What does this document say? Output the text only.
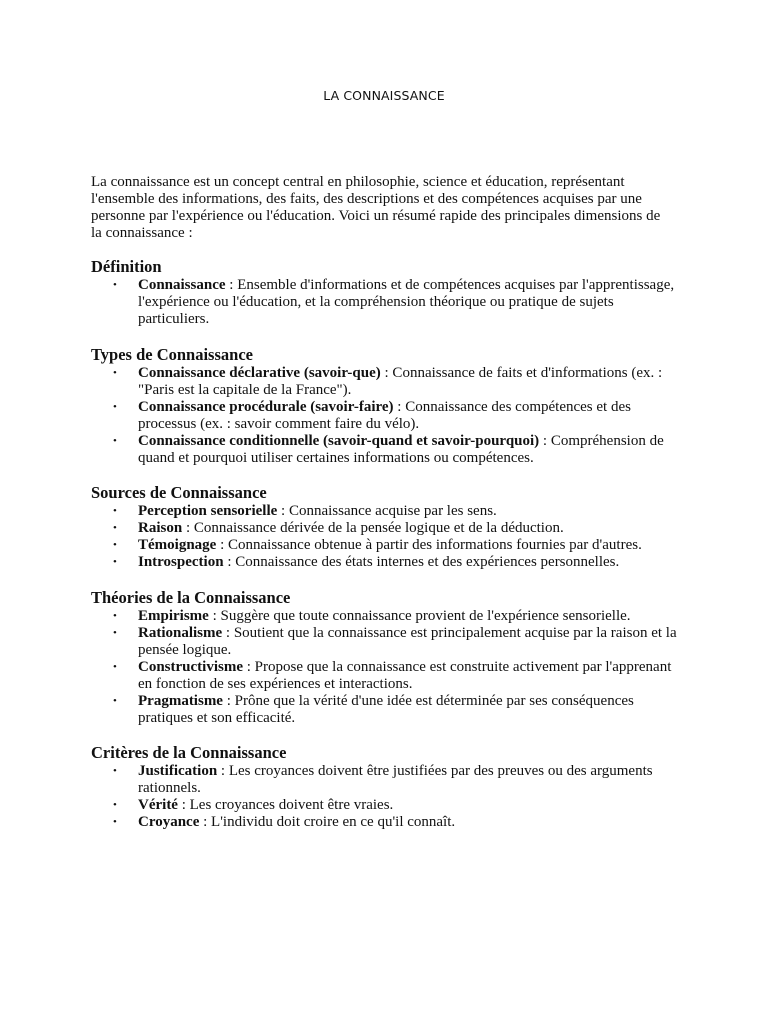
LA CONNAISSANCE

La connaissance est un concept central en philosophie, science et éducation, représentant l'ensemble des informations, des faits, des descriptions et des compétences acquises par une personne par l'expérience ou l'éducation. Voici un résumé rapide des principales dimensions de la connaissance :

Définition
• Connaissance : Ensemble d'informations et de compétences acquises par l'apprentissage, l'expérience ou l'éducation, et la compréhension théorique ou pratique de sujets particuliers.
Types de Connaissance
• Connaissance déclarative (savoir-que) : Connaissance de faits et d'informations (ex. : "Paris est la capitale de la France").
• Connaissance procédurale (savoir-faire) : Connaissance des compétences et des processus (ex. : savoir comment faire du vélo).
• Connaissance conditionnelle (savoir-quand et savoir-pourquoi) : Compréhension de quand et pourquoi utiliser certaines informations ou compétences.
Sources de Connaissance
• Perception sensorielle : Connaissance acquise par les sens.
• Raison : Connaissance dérivée de la pensée logique et de la déduction.
• Témoignage : Connaissance obtenue à partir des informations fournies par d'autres.
• Introspection : Connaissance des états internes et des expériences personnelles.
Théories de la Connaissance
• Empirisme : Suggère que toute connaissance provient de l'expérience sensorielle.
• Rationalisme : Soutient que la connaissance est principalement acquise par la raison et la pensée logique.
• Constructivisme : Propose que la connaissance est construite activement par l'apprenant en fonction de ses expériences et interactions.
• Pragmatisme : Prône que la vérité d'une idée est déterminée par ses conséquences pratiques et son efficacité.
Critères de la Connaissance
• Justification : Les croyances doivent être justifiées par des preuves ou des arguments rationnels.
• Vérité : Les croyances doivent être vraies.
• Croyance : L'individu doit croire en ce qu'il connaît.
